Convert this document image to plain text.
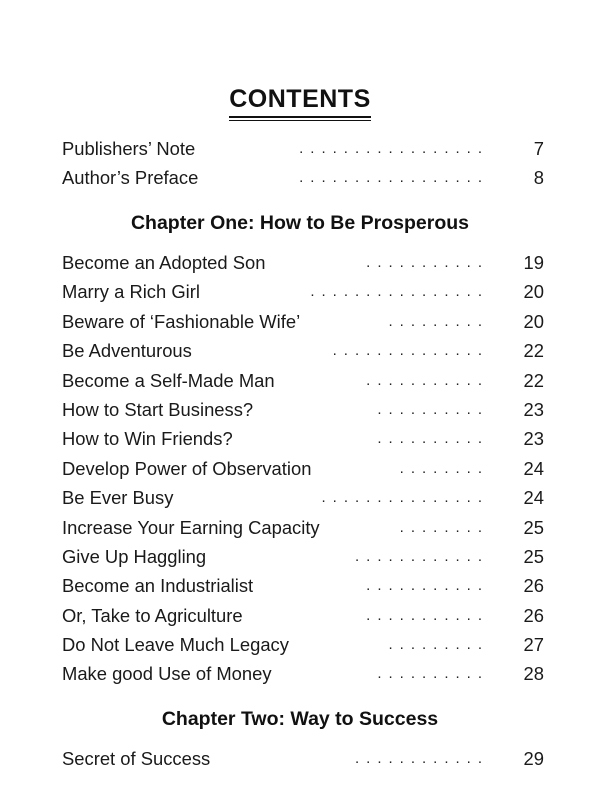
CONTENTS
Publishers’ Note	................. 7
Author’s Preface	................. 8
Chapter One: How to Be Prosperous
Become an Adopted Son	........... 19
Marry a Rich Girl	................ 20
Beware of ‘Fashionable Wife’	......... 20
Be Adventurous	.............. 22
Become a Self-Made Man	........... 22
How to Start Business?	.......... 23
How to Win Friends?	.......... 23
Develop Power of Observation	........ 24
Be Ever Busy	............... 24
Increase Your Earning Capacity	........ 25
Give Up Haggling	............ 25
Become an Industrialist	........... 26
Or, Take to Agriculture	........... 26
Do Not Leave Much Legacy	......... 27
Make good Use of Money	.......... 28
Chapter Two: Way to Success
Secret of Success	............ 29
